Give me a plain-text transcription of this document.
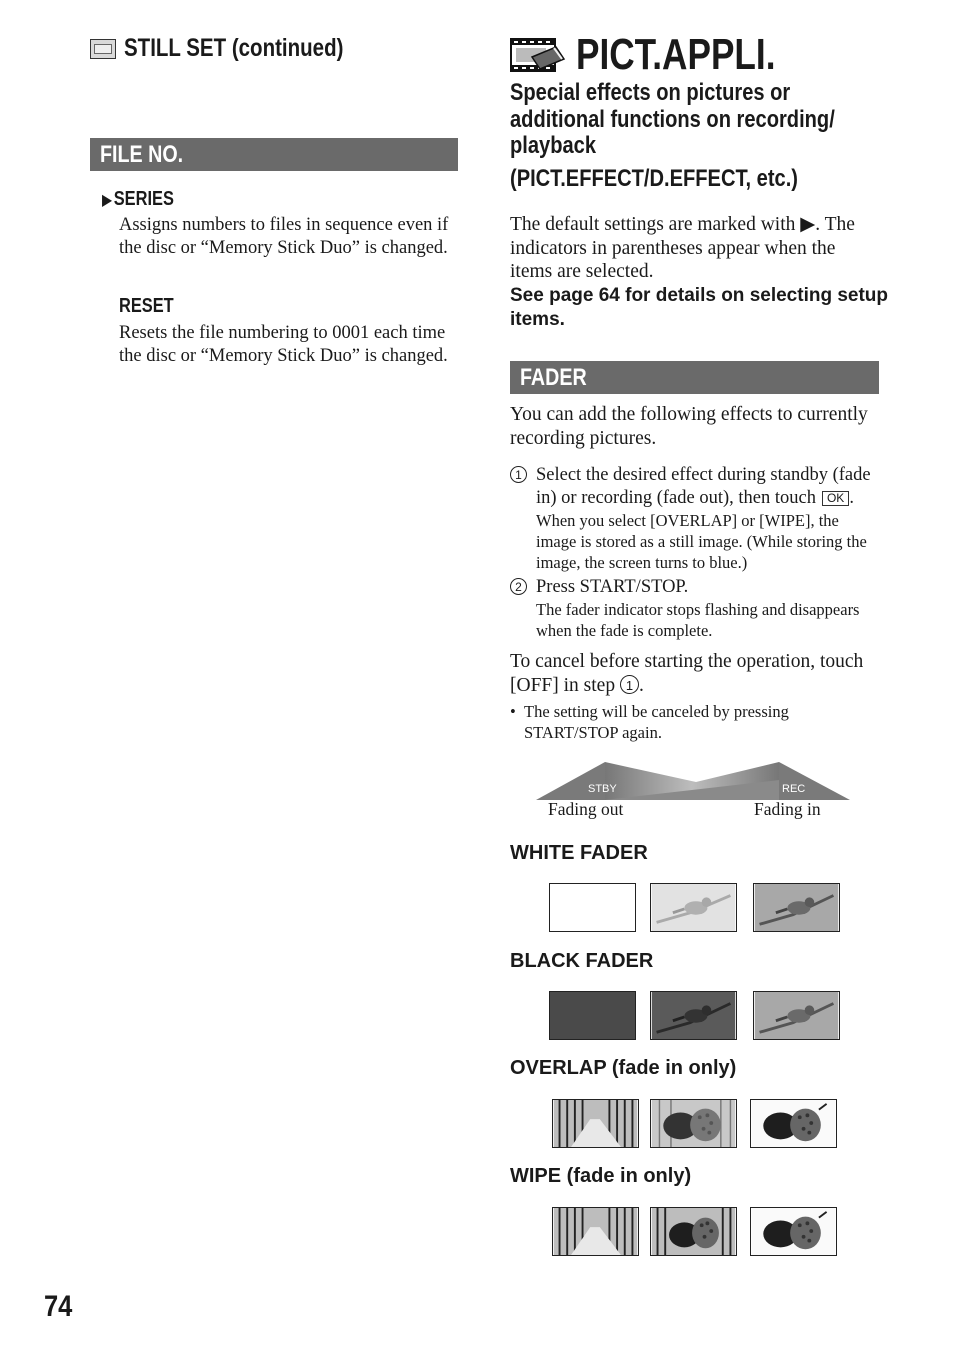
STILL SET (continued)
FILE NO.
▶SERIES
Assigns numbers to files in sequence even if the disc or “Memory Stick Duo” is changed.
RESET
Resets the file numbering to 0001 each time the disc or “Memory Stick Duo” is changed.
74
PICT.APPLI.
Special effects on pictures or
additional functions on recording/
playback
(PICT.EFFECT/D.EFFECT, etc.)
The default settings are marked with ▶. The indicators in parentheses appear when the items are selected.
See page 64 for details on selecting setup items.
FADER
You can add the following effects to currently recording pictures.
1 Select the desired effect during standby (fade in) or recording (fade out), then touch OK .
When you select [OVERLAP] or [WIPE], the image is stored as a still image. (While storing the image, the screen turns to blue.)
2 Press START/STOP.
The fader indicator stops flashing and disappears when the fade is complete.
To cancel before starting the operation, touch [OFF] in step 1 .
• The setting will be canceled by pressing START/STOP again.
STBY	REC
Fading out	Fading in
WHITE FADER
BLACK FADER
OVERLAP (fade in only)
WIPE (fade in only)
